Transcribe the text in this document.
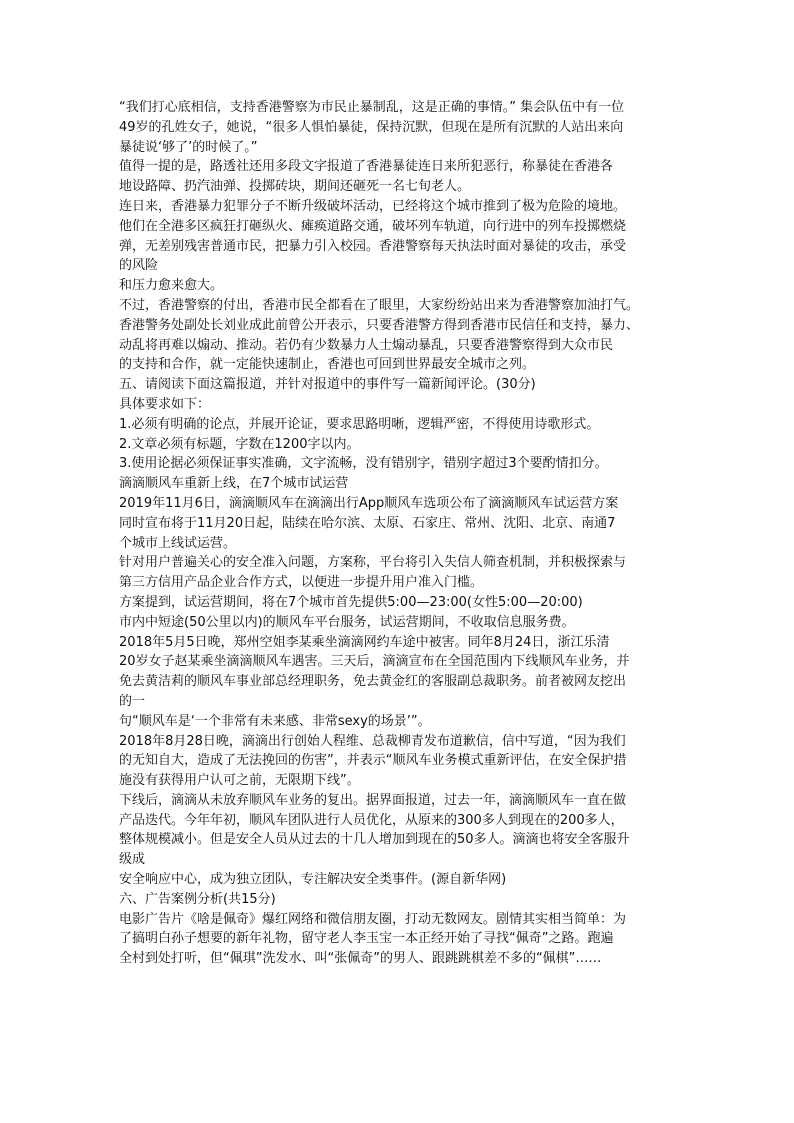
“我们打心底相信，支持香港警察为市民止暴制乱，这是正确的事情。” 集会队伍中有一位
49岁的孔姓女子，她说，“很多人惧怕暴徒，保持沉默，但现在是所有沉默的人站出来向
暴徒说‘够了’的时候了。”
值得一提的是，路透社还用多段文字报道了香港暴徒连日来所犯恶行，称暴徒在香港各
地设路障、扔汽油弹、投掷砖块，期间还砸死一名七旬老人。
连日来，香港暴力犯罪分子不断升级破坏活动，已经将这个城市推到了极为危险的境地。
他们在全港多区疯狂打砸纵火、瘫痪道路交通，破坏列车轨道，向行进中的列车投掷燃烧
弹，无差别残害普通市民，把暴力引入校园。香港警察每天执法时面对暴徒的攻击，承受
的风险
和压力愈来愈大。
不过，香港警察的付出，香港市民全都看在了眼里，大家纷纷站出来为香港警察加油打气。
香港警务处副处长刘业成此前曾公开表示，只要香港警方得到香港市民信任和支持，暴力、
动乱将再难以煽动、推动。若仍有少数暴力人士煽动暴乱，只要香港警察得到大众市民
的支持和合作，就一定能快速制止，香港也可回到世界最安全城市之列。
五、请阅读下面这篇报道，并针对报道中的事件写一篇新闻评论。(30分)
具体要求如下：
1.必须有明确的论点，并展开论证，要求思路明晰，逻辑严密，不得使用诗歌形式。
2.文章必须有标题，字数在1200字以内。
3.使用论据必须保证事实准确，文字流畅，没有错别字，错别字超过3个要酌情扣分。
滴滴顺风车重新上线，在7个城市试运营
2019年11月6日，滴滴顺风车在滴滴出行App顺风车选项公布了滴滴顺风车试运营方案
同时宣布将于11月20日起，陆续在哈尔滨、太原、石家庄、常州、沈阳、北京、南通7
个城市上线试运营。
针对用户普遍关心的安全准入问题，方案称，平台将引入失信人筛查机制，并积极探索与
第三方信用产品企业合作方式，以便进一步提升用户准入门槛。
方案提到，试运营期间，将在7个城市首先提供5:00—23:00(女性5:00—20:00)
市内中短途(50公里以内)的顺风车平台服务，试运营期间，不收取信息服务费。
2018年5月5日晚，郑州空姐李某乘坐滴滴网约车途中被害。同年8月24日，浙江乐清
20岁女子赵某乘坐滴滴顺风车遇害。三天后，滴滴宣布在全国范围内下线顺风车业务，并
免去黄洁莉的顺风车事业部总经理职务，免去黄金红的客服副总裁职务。前者被网友挖出
的一
句“顺风车是‘一个非常有未来感、非常sexy的场景’”。
2018年8月28日晚，滴滴出行创始人程维、总裁柳青发布道歉信，信中写道，“因为我们
的无知自大，造成了无法挽回的伤害”，并表示“顺风车业务模式重新评估，在安全保护措
施没有获得用户认可之前，无限期下线”。
下线后，滴滴从未放弃顺风车业务的复出。据界面报道，过去一年，滴滴顺风车一直在做
产品迭代。今年年初，顺风车团队进行人员优化，从原来的300多人到现在的200多人，
整体规模减小。但是安全人员从过去的十几人增加到现在的50多人。滴滴也将安全客服升
级成
安全响应中心，成为独立团队，专注解决安全类事件。(源自新华网)
六、广告案例分析(共15分)
电影广告片《啥是佩奇》爆红网络和微信朋友圈，打动无数网友。剧情其实相当简单：为
了搞明白孙子想要的新年礼物，留守老人李玉宝一本正经开始了寻找“佩奇”之路。跑遍
全村到处打听，但“佩琪”洗发水、叫“张佩奇”的男人、跟跳跳棋差不多的“佩棋”……
